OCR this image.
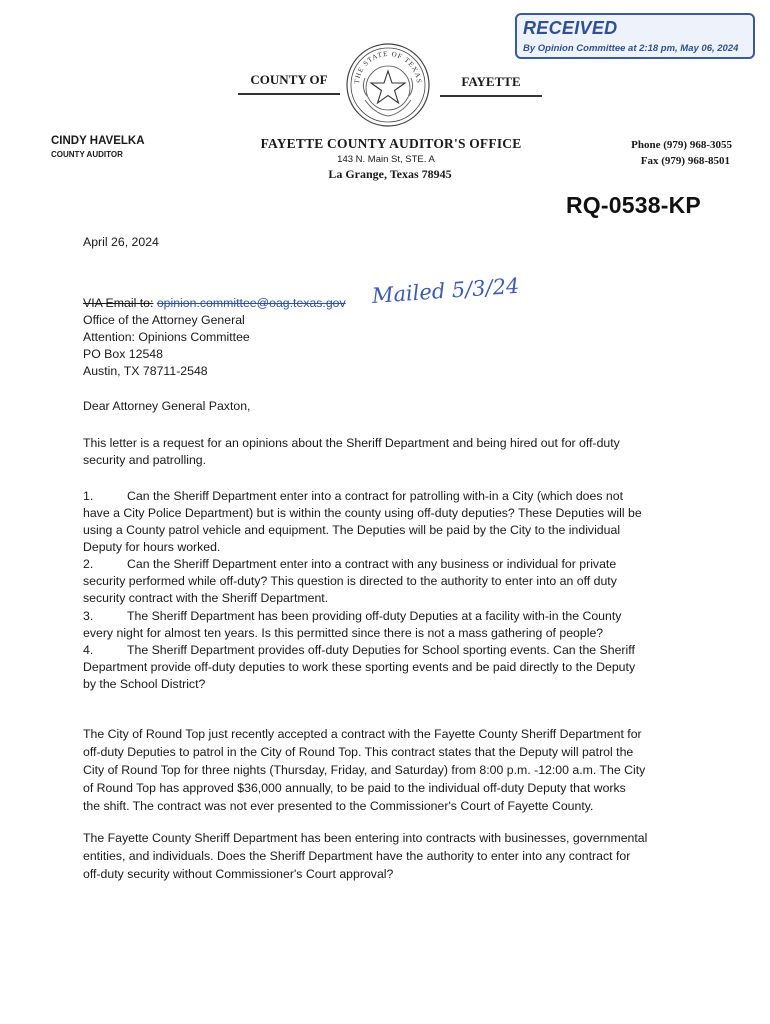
RECEIVED
By Opinion Committee at 2:18 pm, May 06, 2024
COUNTY OF	FAYETTE
THE STATE OF TEXAS
CINDY HAVELKA
COUNTY AUDITOR
FAYETTE COUNTY AUDITOR'S OFFICE
143 N. Main St, STE. A
La Grange, Texas 78945
Phone (979) 968-3055
Fax (979) 968-8501
RQ-0538-KP
April 26, 2024
VIA Email to: opinion.committee@oag.texas.gov Mailed 5/3/24
Office of the Attorney General
Attention: Opinions Committee
PO Box 12548
Austin, TX 78711-2548
Dear Attorney General Paxton,
This letter is a request for an opinions about the Sheriff Department and being hired out for off-duty
security and patrolling.
1.	Can the Sheriff Department enter into a contract for patrolling with-in a City (which does not
have a City Police Department) but is within the county using off-duty deputies? These Deputies will be
using a County patrol vehicle and equipment. The Deputies will be paid by the City to the individual
Deputy for hours worked.
2.	Can the Sheriff Department enter into a contract with any business or individual for private
security performed while off-duty? This question is directed to the authority to enter into an off duty
security contract with the Sheriff Department.
3.	The Sheriff Department has been providing off-duty Deputies at a facility with-in the County
every night for almost ten years. Is this permitted since there is not a mass gathering of people?
4.	The Sheriff Department provides off-duty Deputies for School sporting events. Can the Sheriff
Department provide off-duty deputies to work these sporting events and be paid directly to the Deputy
by the School District?
The City of Round Top just recently accepted a contract with the Fayette County Sheriff Department for
off-duty Deputies to patrol in the City of Round Top. This contract states that the Deputy will patrol the
City of Round Top for three nights (Thursday, Friday, and Saturday) from 8:00 p.m. -12:00 a.m. The City
of Round Top has approved $36,000 annually, to be paid to the individual off-duty Deputy that works
the shift. The contract was not ever presented to the Commissioner's Court of Fayette County.
The Fayette County Sheriff Department has been entering into contracts with businesses, governmental
entities, and individuals. Does the Sheriff Department have the authority to enter into any contract for
off-duty security without Commissioner's Court approval?
